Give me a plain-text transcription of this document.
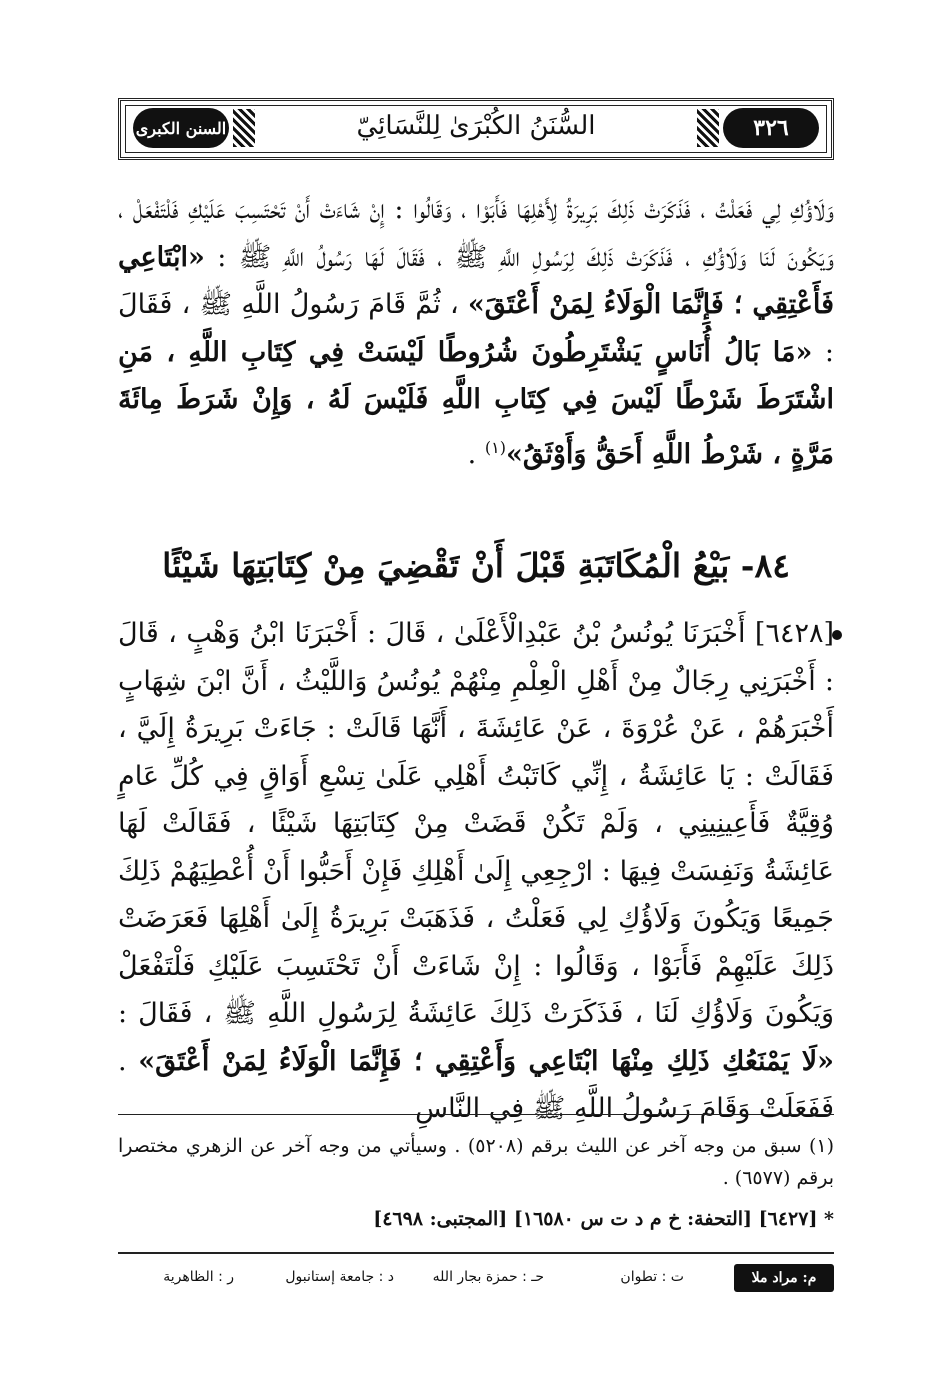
السنن الكبرى	السُّنَنُ الكُبْرَىٰ لِلنَّسَائِيّ	٣٢٦
وَلَاؤُكِ لِي فَعَلْتُ ، فَذَكَرَتْ ذَلِكَ بَرِيرَةُ لِأَهْلِهَا فَأَبَوْا ، وَقَالُوا : إِنْ شَاءَتْ أَنْ تَحْتَسِبَ عَلَيْكِ فَلْتَفْعَلْ ، وَيَكُونَ لَنَا وَلَاؤُكِ ، فَذَكَرَتْ ذَلِكَ لِرَسُولِ اللَّهِ ﷺ ، فَقَالَ لَهَا رَسُولُ اللَّهِ ﷺ : «ابْتَاعِي فَأَعْتِقِي ؛ فَإِنَّمَا الْوَلَاءُ لِمَنْ أَعْتَقَ» ، ثُمَّ قَامَ رَسُولُ اللَّهِ ﷺ ، فَقَالَ : «مَا بَالُ أُنَاسٍ يَشْتَرِطُونَ شُرُوطًا لَيْسَتْ فِي كِتَابِ اللَّهِ ، مَنِ اشْتَرَطَ شَرْطًا لَيْسَ فِي كِتَابِ اللَّهِ فَلَيْسَ لَهُ ، وَإِنْ شَرَطَ مِائَةَ مَرَّةٍ ، شَرْطُ اللَّهِ أَحَقُّ وَأَوْثَقُ»$^{(١)}$ .
٨٤- بَيْعُ الْمُكَاتَبَةِ قَبْلَ أَنْ تَقْضِيَ مِنْ كِتَابَتِهَا شَيْئًا
[٦٤٢٨] أَخْبَرَنَا يُونُسُ بْنُ عَبْدِالْأَعْلَىٰ ، قَالَ : أَخْبَرَنَا ابْنُ وَهْبٍ ، قَالَ : أَخْبَرَنِي رِجَالٌ مِنْ أَهْلِ الْعِلْمِ مِنْهُمْ يُونُسُ وَاللَّيْثُ ، أَنَّ ابْنَ شِهَابٍ أَخْبَرَهُمْ ، عَنْ عُرْوَةَ ، عَنْ عَائِشَةَ ، أَنَّهَا قَالَتْ : جَاءَتْ بَرِيرَةُ إِلَيَّ ، فَقَالَتْ : يَا عَائِشَةُ ، إِنِّي كَاتَبْتُ أَهْلِي عَلَىٰ تِسْعِ أَوَاقٍ فِي كُلِّ عَامٍ وُقِيَّةٌ فَأَعِينِينِي ، وَلَمْ تَكُنْ قَضَتْ مِنْ كِتَابَتِهَا شَيْئًا ، فَقَالَتْ لَهَا عَائِشَةُ وَنَفِسَتْ فِيهَا : ارْجِعِي إِلَىٰ أَهْلِكِ فَإِنْ أَحَبُّوا أَنْ أُعْطِيَهُمْ ذَلِكَ جَمِيعًا وَيَكُونَ وَلَاؤُكِ لِي فَعَلْتُ ، فَذَهَبَتْ بَرِيرَةُ إِلَىٰ أَهْلِهَا فَعَرَضَتْ ذَلِكَ عَلَيْهِمْ فَأَبَوْا ، وَقَالُوا : إِنْ شَاءَتْ أَنْ تَحْتَسِبَ عَلَيْكِ فَلْتَفْعَلْ وَيَكُونَ وَلَاؤُكِ لَنَا ، فَذَكَرَتْ ذَلِكَ عَائِشَةُ لِرَسُولِ اللَّهِ ﷺ ، فَقَالَ : «لَا يَمْنَعُكِ ذَلِكِ مِنْهَا ابْتَاعِي وَأَعْتِقِي ؛ فَإِنَّمَا الْوَلَاءُ لِمَنْ أَعْتَقَ» . فَفَعَلَتْ وَقَامَ رَسُولُ اللَّهِ ﷺ فِي النَّاسِ
(١) سبق من وجه آخر عن الليث برقم (٥٢٠٨) . وسيأتي من وجه آخر عن الزهري مختصرا برقم (٦٥٧٧) .
* [٦٤٢٧] [التحفة: خ م د ت س ١٦٥٨٠] [المجتبى: ٤٦٩٨]
م: مراد ملا
ت : تطوان
حـ : حمزة بجار الله
د : جامعة إستانبول
ر : الظاهرية
